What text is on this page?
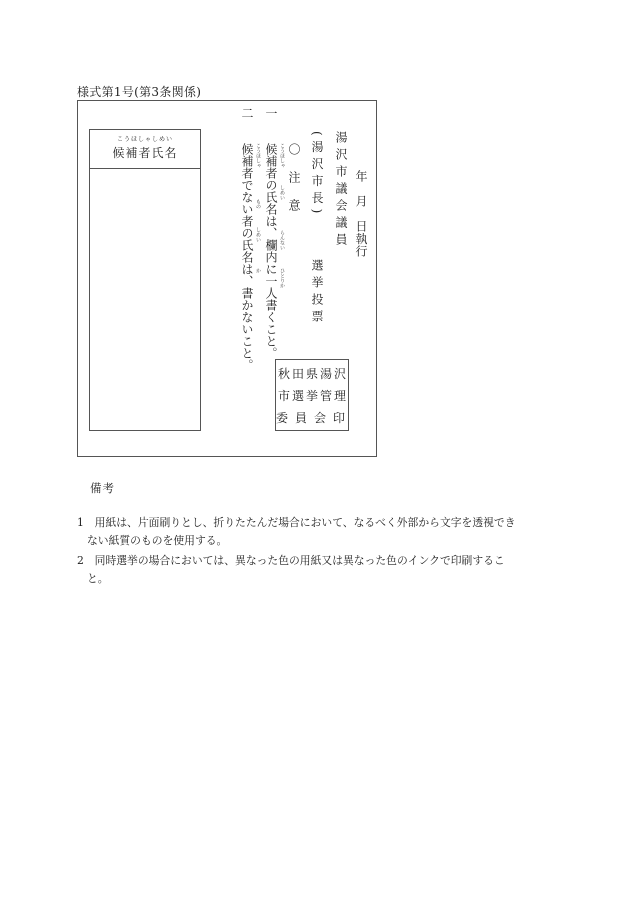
様式第1号(第3条関係)
こうほしゃしめい
候補者氏名	湯沢市議会議員 年　月　日執行
(湯沢市長)
選挙投票
〇　注　意
一
候補者の氏名は、欄内に一人書くこと。 こうほしゃ
しめい
らんない
ひとりか
二
候補者でない者の氏名は、書かないこと。 こうほしゃ
もの
しめい
か
秋田県湯沢
市選挙管理
委員会印
備考
1　用紙は、片面刷りとし、折りたたんだ場合において、なるべく外部から文字を透視でき
ない紙質のものを使用する。
2　同時選挙の場合においては、異なった色の用紙又は異なった色のインクで印刷するこ
と。
